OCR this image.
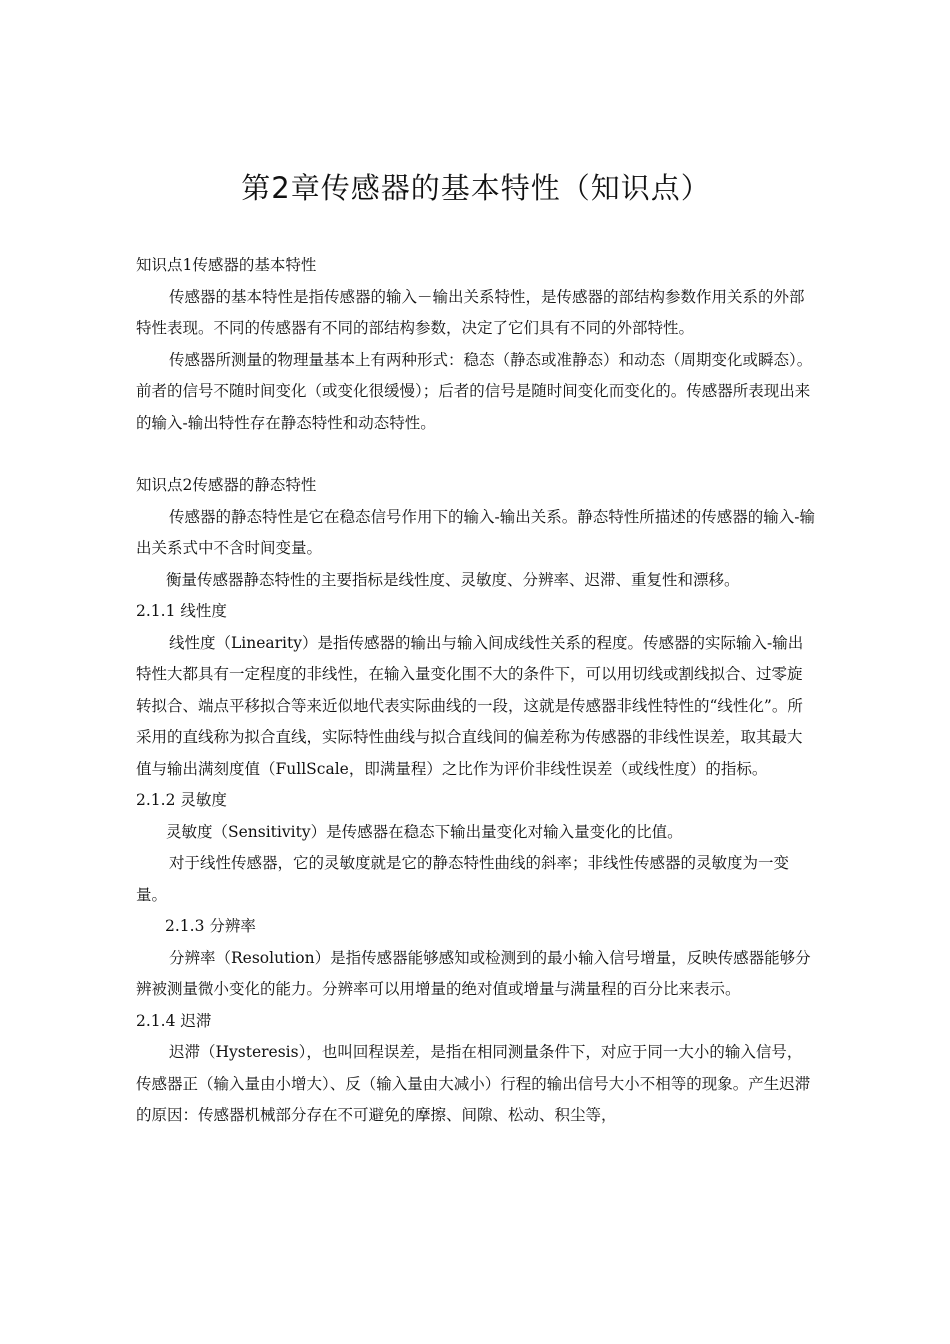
第2章传感器的基本特性（知识点）

知识点1传感器的基本特性

传感器的基本特性是指传感器的输入－输出关系特性，是传感器的部结构参数作用关系的外部特性表现。不同的传感器有不同的部结构参数，决定了它们具有不同的外部特性。

传感器所测量的物理量基本上有两种形式：稳态（静态或准静态）和动态（周期变化或瞬态）。前者的信号不随时间变化（或变化很缓慢）；后者的信号是随时间变化而变化的。传感器所表现出来的输入-输出特性存在静态特性和动态特性。

知识点2传感器的静态特性

传感器的静态特性是它在稳态信号作用下的输入-输出关系。静态特性所描述的传感器的输入-输出关系式中不含时间变量。

衡量传感器静态特性的主要指标是线性度、灵敏度、分辨率、迟滞、重复性和漂移。

2.1.1 线性度

线性度（Linearity）是指传感器的输出与输入间成线性关系的程度。传感器的实际输入-输出特性大都具有一定程度的非线性，在输入量变化围不大的条件下，可以用切线或割线拟合、过零旋转拟合、端点平移拟合等来近似地代表实际曲线的一段，这就是传感器非线性特性的“线性化”。所采用的直线称为拟合直线，实际特性曲线与拟合直线间的偏差称为传感器的非线性误差，取其最大值与输出满刻度值（FullScale，即满量程）之比作为评价非线性误差（或线性度）的指标。

2.1.2 灵敏度

灵敏度（Sensitivity）是传感器在稳态下输出量变化对输入量变化的比值。

对于线性传感器，它的灵敏度就是它的静态特性曲线的斜率；非线性传感器的灵敏度为一变量。

2.1.3 分辨率

分辨率（Resolution）是指传感器能够感知或检测到的最小输入信号增量，反映传感器能够分辨被测量微小变化的能力。分辨率可以用增量的绝对值或增量与满量程的百分比来表示。

2.1.4 迟滞

迟滞（Hysteresis），也叫回程误差，是指在相同测量条件下，对应于同一大小的输入信号，传感器正（输入量由小增大）、反（输入量由大减小）行程的输出信号大小不相等的现象。产生迟滞的原因：传感器机械部分存在不可避免的摩擦、间隙、松动、积尘等，
